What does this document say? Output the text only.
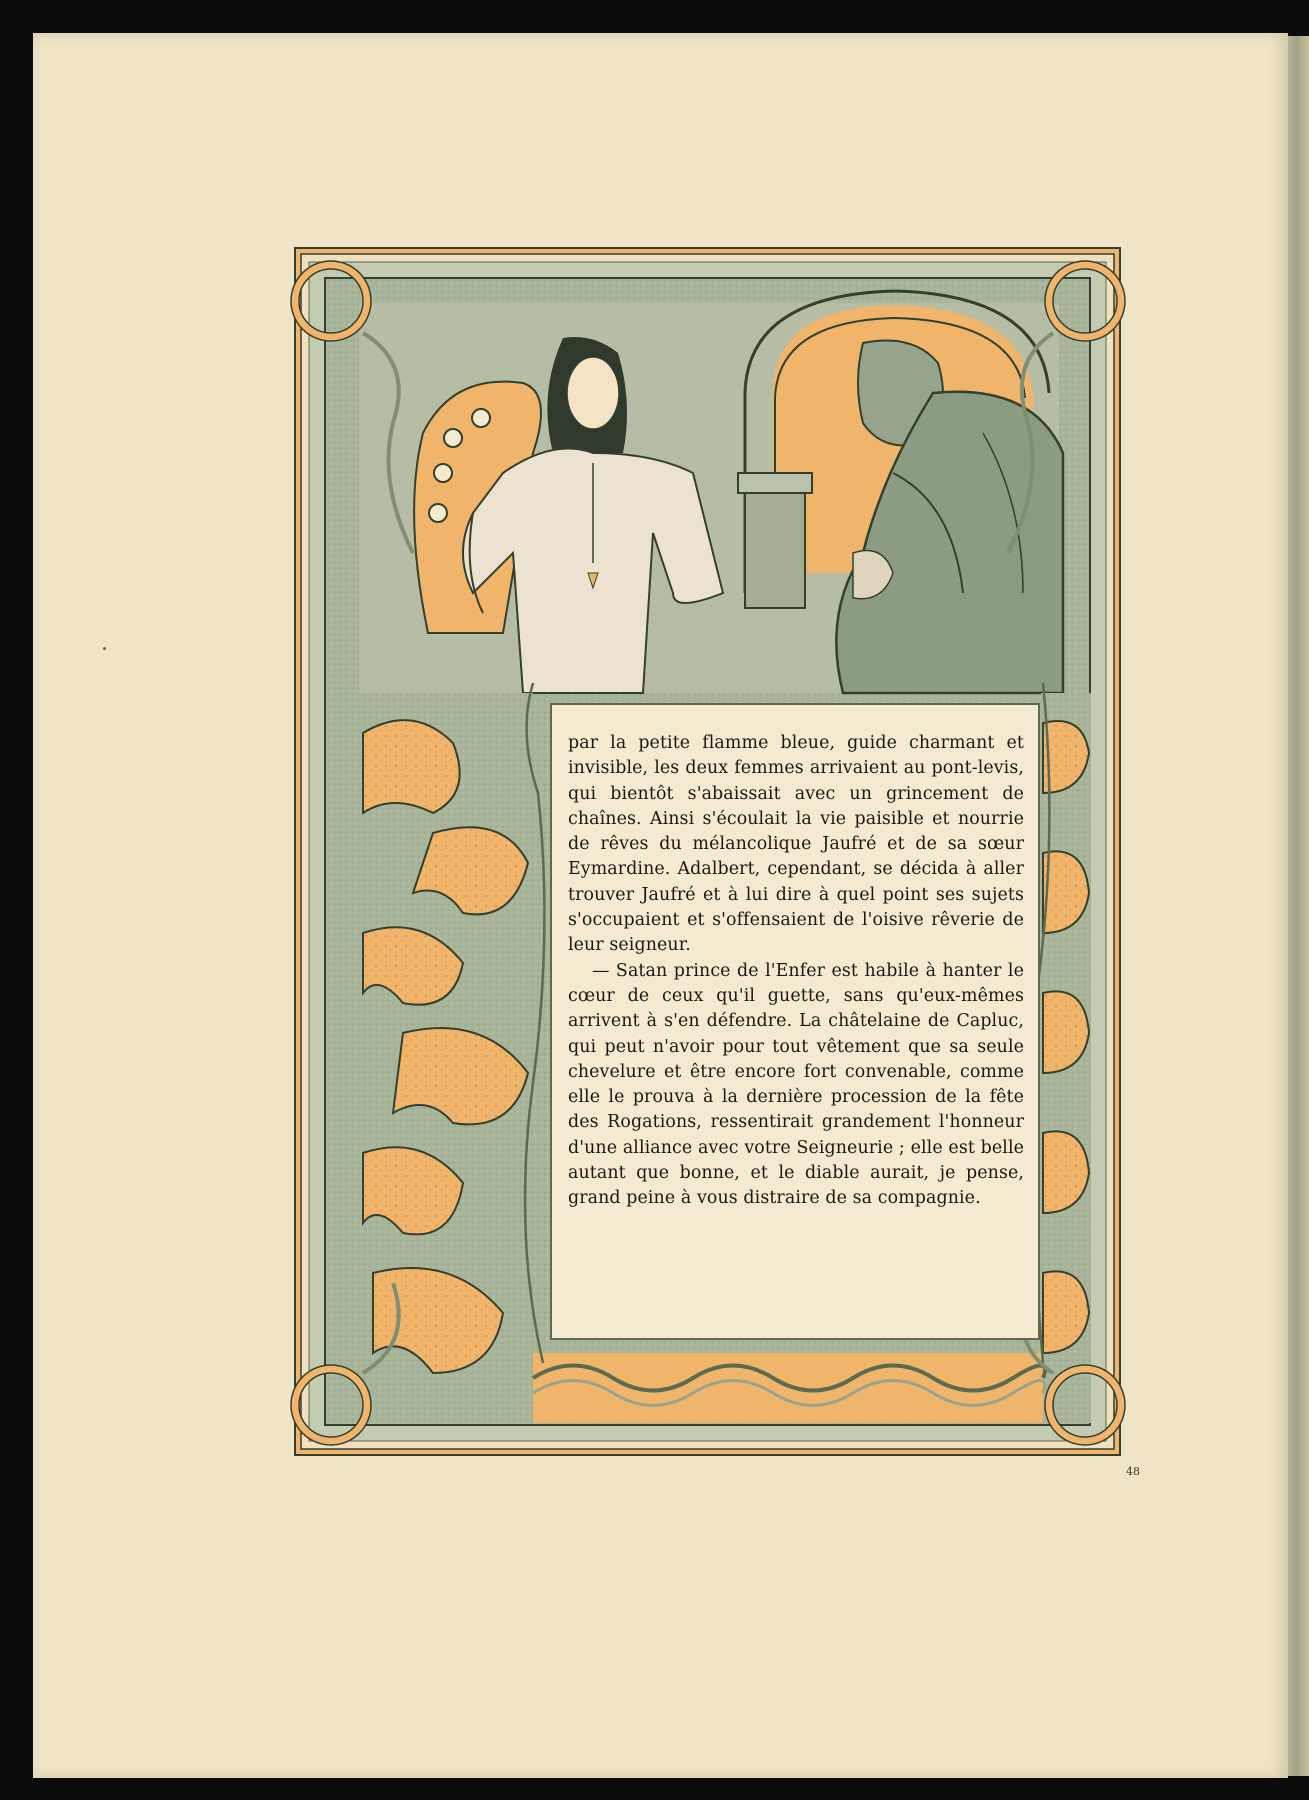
par la petite flamme bleue, guide charmant et invisible, les deux femmes arrivaient au pont-levis, qui bientôt s'abaissait avec un grincement de chaînes. Ainsi s'écoulait la vie paisible et nourrie de rêves du mélancolique Jaufré et de sa sœur Eymardine. Adalbert, cependant, se décida à aller trouver Jaufré et à lui dire à quel point ses sujets s'occupaient et s'offensaient de l'oisive rêverie de leur seigneur.

— Satan prince de l'Enfer est habile à hanter le cœur de ceux qu'il guette, sans qu'eux-mêmes arrivent à s'en défendre. La châtelaine de Capluc, qui peut n'avoir pour tout vêtement que sa seule chevelure et être encore fort convenable, comme elle le prouva à la dernière procession de la fête des Rogations, ressentirait grandement l'honneur d'une alliance avec votre Seigneurie ; elle est belle autant que bonne, et le diable aurait, je pense, grand peine à vous distraire de sa compagnie.

48
